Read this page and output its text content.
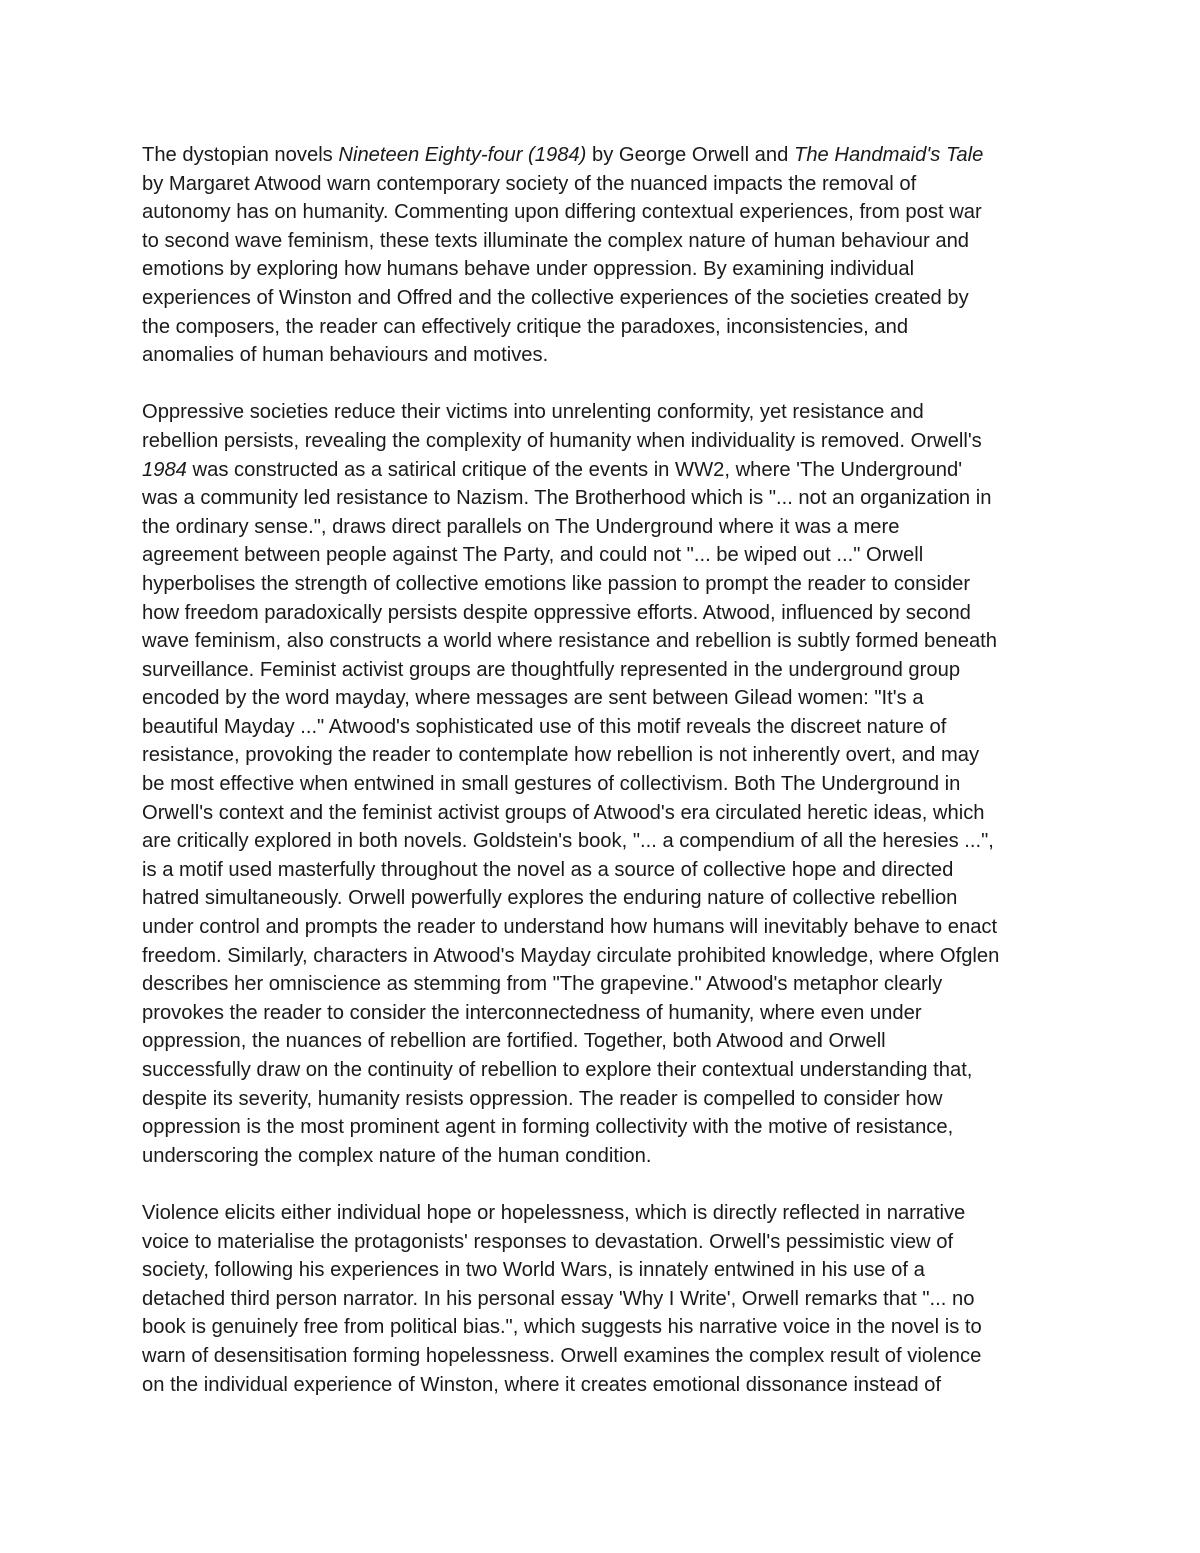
The dystopian novels Nineteen Eighty-four (1984) by George Orwell and The Handmaid's Tale
by Margaret Atwood warn contemporary society of the nuanced impacts the removal of
autonomy has on humanity. Commenting upon differing contextual experiences, from post war
to second wave feminism, these texts illuminate the complex nature of human behaviour and
emotions by exploring how humans behave under oppression. By examining individual
experiences of Winston and Offred and the collective experiences of the societies created by
the composers, the reader can effectively critique the paradoxes, inconsistencies, and
anomalies of human behaviours and motives.
Oppressive societies reduce their victims into unrelenting conformity, yet resistance and
rebellion persists, revealing the complexity of humanity when individuality is removed. Orwell's
1984 was constructed as a satirical critique of the events in WW2, where 'The Underground'
was a community led resistance to Nazism. The Brotherhood which is "... not an organization in
the ordinary sense.", draws direct parallels on The Underground where it was a mere
agreement between people against The Party, and could not "... be wiped out ..." Orwell
hyperbolises the strength of collective emotions like passion to prompt the reader to consider
how freedom paradoxically persists despite oppressive efforts. Atwood, influenced by second
wave feminism, also constructs a world where resistance and rebellion is subtly formed beneath
surveillance. Feminist activist groups are thoughtfully represented in the underground group
encoded by the word mayday, where messages are sent between Gilead women: "It's a
beautiful Mayday ..." Atwood's sophisticated use of this motif reveals the discreet nature of
resistance, provoking the reader to contemplate how rebellion is not inherently overt, and may
be most effective when entwined in small gestures of collectivism. Both The Underground in
Orwell's context and the feminist activist groups of Atwood's era circulated heretic ideas, which
are critically explored in both novels. Goldstein's book, "... a compendium of all the heresies ...",
is a motif used masterfully throughout the novel as a source of collective hope and directed
hatred simultaneously. Orwell powerfully explores the enduring nature of collective rebellion
under control and prompts the reader to understand how humans will inevitably behave to enact
freedom. Similarly, characters in Atwood's Mayday circulate prohibited knowledge, where Ofglen
describes her omniscience as stemming from "The grapevine." Atwood's metaphor clearly
provokes the reader to consider the interconnectedness of humanity, where even under
oppression, the nuances of rebellion are fortified. Together, both Atwood and Orwell
successfully draw on the continuity of rebellion to explore their contextual understanding that,
despite its severity, humanity resists oppression. The reader is compelled to consider how
oppression is the most prominent agent in forming collectivity with the motive of resistance,
underscoring the complex nature of the human condition.
Violence elicits either individual hope or hopelessness, which is directly reflected in narrative
voice to materialise the protagonists' responses to devastation. Orwell's pessimistic view of
society, following his experiences in two World Wars, is innately entwined in his use of a
detached third person narrator. In his personal essay 'Why I Write', Orwell remarks that "... no
book is genuinely free from political bias.", which suggests his narrative voice in the novel is to
warn of desensitisation forming hopelessness. Orwell examines the complex result of violence
on the individual experience of Winston, where it creates emotional dissonance instead of
